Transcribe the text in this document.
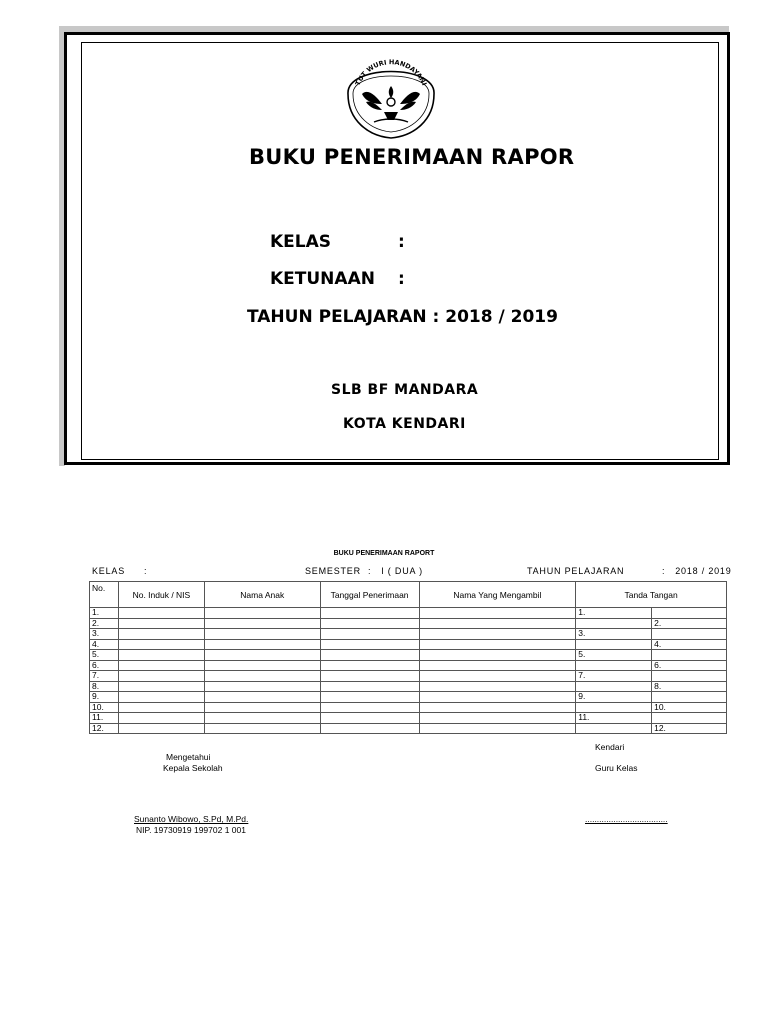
TUT WURI HANDAYANI
BUKU PENERIMAAN RAPOR
KELAS	:
KETUNAAN :
TAHUN PELAJARAN : 2018 / 2019
SLB BF MANDARA
KOTA KENDARI
BUKU PENERIMAAN RAPORT
KELAS :	SEMESTER :   I ( DUA )	TAHUN PELAJARAN	:   2018 / 2019
No.	No. Induk / NIS	Nama Anak	Tanggal Penerimaan	Nama Yang Mengambil	Tanda Tangan	
1.					1.	
2.						2.
3.					3.	
4.						4.
5.					5.	
6.						6.
7.					7.	
8.						8.
9.					9.	
10.						10.
11.					11.	
12.						12.
Mengetahui
Kepala Sekolah
Kendari
Guru Kelas
Sunanto Wibowo, S.Pd, M.Pd.
NIP. 19730919 199702 1 001
...................................
